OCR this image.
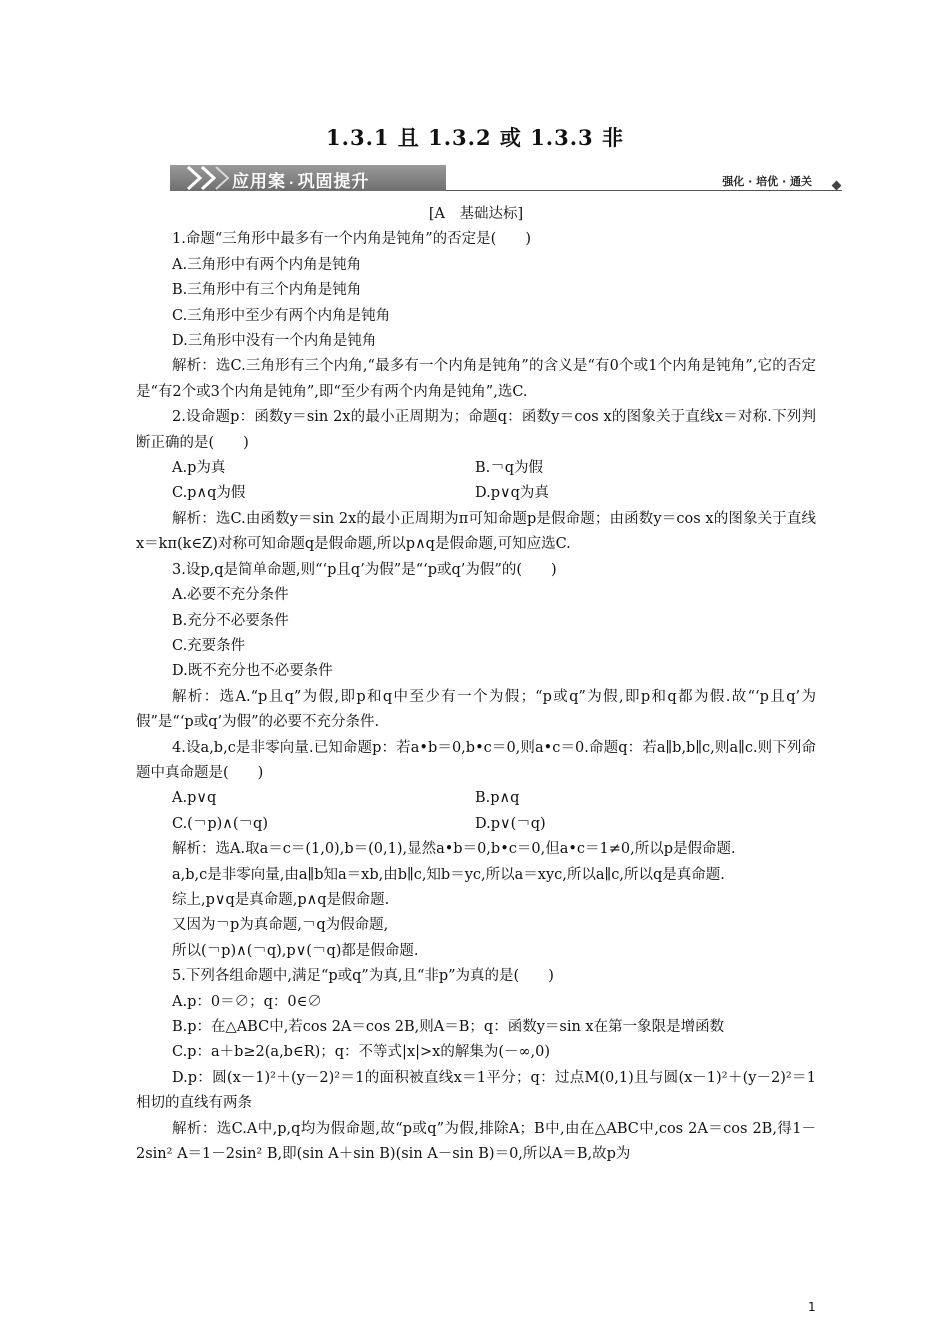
1.3.1 且 1.3.2 或 1.3.3 非
应用案 · 巩固提升	强化 · 培优 · 通关

[A　基础达标]

1.命题“三角形中最多有一个内角是钝角”的否定是(　　)

A.三角形中有两个内角是钝角

B.三角形中有三个内角是钝角

C.三角形中至少有两个内角是钝角

D.三角形中没有一个内角是钝角

解析：选C.三角形有三个内角,“最多有一个内角是钝角”的含义是“有0个或1个内角是钝角”,它的否定是“有2个或3个内角是钝角”,即“至少有两个内角是钝角”,选C.

2.设命题p：函数y＝sin 2x的最小正周期为；命题q：函数y＝cos x的图象关于直线x＝对称.下列判断正确的是(　　)

A.p为真	B.￢q为假
C.p∧q为假	D.p∨q为真

解析：选C.由函数y＝sin 2x的最小正周期为π可知命题p是假命题；由函数y＝cos x的图象关于直线x＝kπ(k∈Z)对称可知命题q是假命题,所以p∧q是假命题,可知应选C.

3.设p,q是简单命题,则“‘p且q’为假”是“‘p或q’为假”的(　　)

A.必要不充分条件

B.充分不必要条件

C.充要条件

D.既不充分也不必要条件

解析：选A.“p且q”为假,即p和q中至少有一个为假；“p或q”为假,即p和q都为假.故“‘p且q’为假”是“‘p或q’为假”的必要不充分条件.

4.设a,b,c是非零向量.已知命题p：若a•b＝0,b•c＝0,则a•c＝0.命题q：若a∥b,b∥c,则a∥c.则下列命题中真命题是(　　)

A.p∨q	B.p∧q
C.(￢p)∧(￢q)	D.p∨(￢q)

解析：选A.取a＝c＝(1,0),b＝(0,1),显然a•b＝0,b•c＝0,但a•c＝1≠0,所以p是假命题.

a,b,c是非零向量,由a∥b知a＝xb,由b∥c,知b＝yc,所以a＝xyc,所以a∥c,所以q是真命题.

综上,p∨q是真命题,p∧q是假命题.

又因为￢p为真命题,￢q为假命题,

所以(￢p)∧(￢q),p∨(￢q)都是假命题.

5.下列各组命题中,满足“p或q”为真,且“非p”为真的是(　　)

A.p：0＝∅；q：0∈∅

B.p：在△ABC中,若cos 2A＝cos 2B,则A＝B；q：函数y＝sin x在第一象限是增函数

C.p：a＋b≥2(a,b∈R)；q：不等式|x|>x的解集为(－∞,0)

D.p：圆(x－1)²＋(y－2)²＝1的面积被直线x＝1平分；q：过点M(0,1)且与圆(x－1)²＋(y－2)²＝1相切的直线有两条

解析：选C.A中,p,q均为假命题,故“p或q”为假,排除A；B中,由在△ABC中,cos 2A＝cos 2B,得1－2sin² A＝1－2sin² B,即(sin A＋sin B)(sin A－sin B)＝0,所以A＝B,故p为

1
